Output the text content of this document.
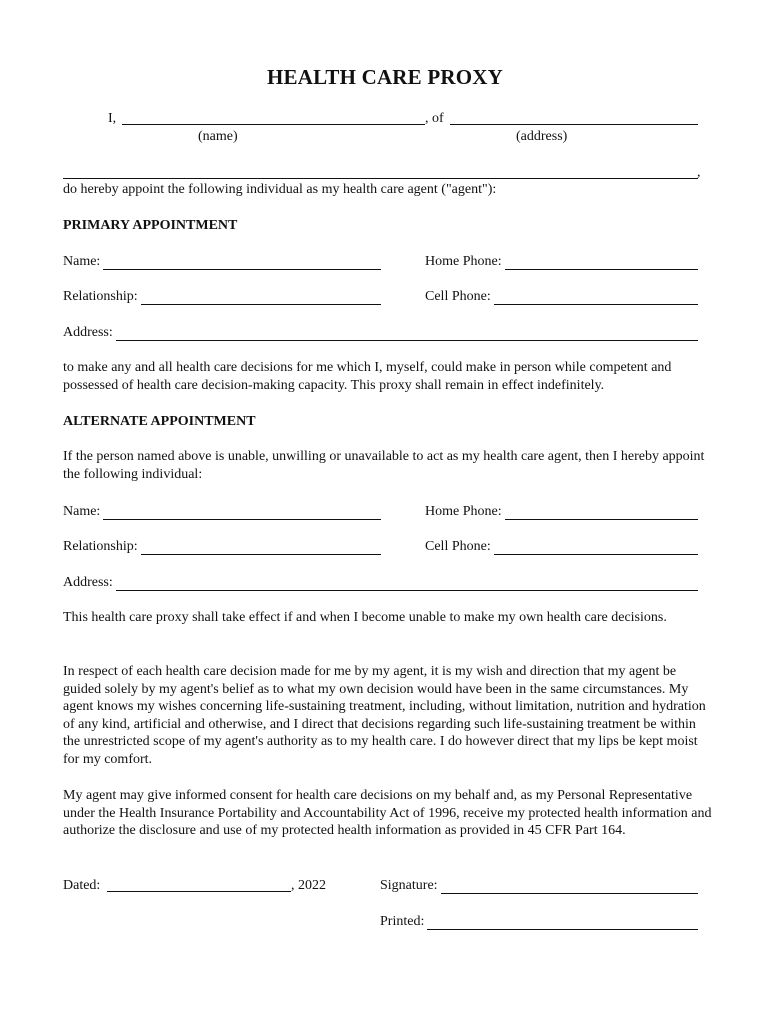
HEALTH CARE PROXY
I,	, of
(name)	(address)
,
do hereby appoint the following individual as my health care agent ("agent"):
PRIMARY APPOINTMENT
Name:	Home Phone:
Relationship:	Cell Phone:
Address:
to make any and all health care decisions for me which I, myself, could make in person while competent and possessed of health care decision-making capacity. This proxy shall remain in effect indefinitely.
ALTERNATE APPOINTMENT
If the person named above is unable, unwilling or unavailable to act as my health care agent, then I hereby appoint the following individual:
Name:	Home Phone:
Relationship:	Cell Phone:
Address:
This health care proxy shall take effect if and when I become unable to make my own health care decisions.
In respect of each health care decision made for me by my agent, it is my wish and direction that my agent be guided solely by my agent's belief as to what my own decision would have been in the same circumstances. My agent knows my wishes concerning life-sustaining treatment, including, without limitation, nutrition and hydration of any kind, artificial and otherwise, and I direct that decisions regarding such life-sustaining treatment be within the unrestricted scope of my agent's authority as to my health care. I do however direct that my lips be kept moist for my comfort.
My agent may give informed consent for health care decisions on my behalf and, as my Personal Representative under the Health Insurance Portability and Accountability Act of 1996, receive my protected health information and authorize the disclosure and use of my protected health information as provided in 45 CFR Part 164.
Dated:	, 2022	Signature:
Printed:
